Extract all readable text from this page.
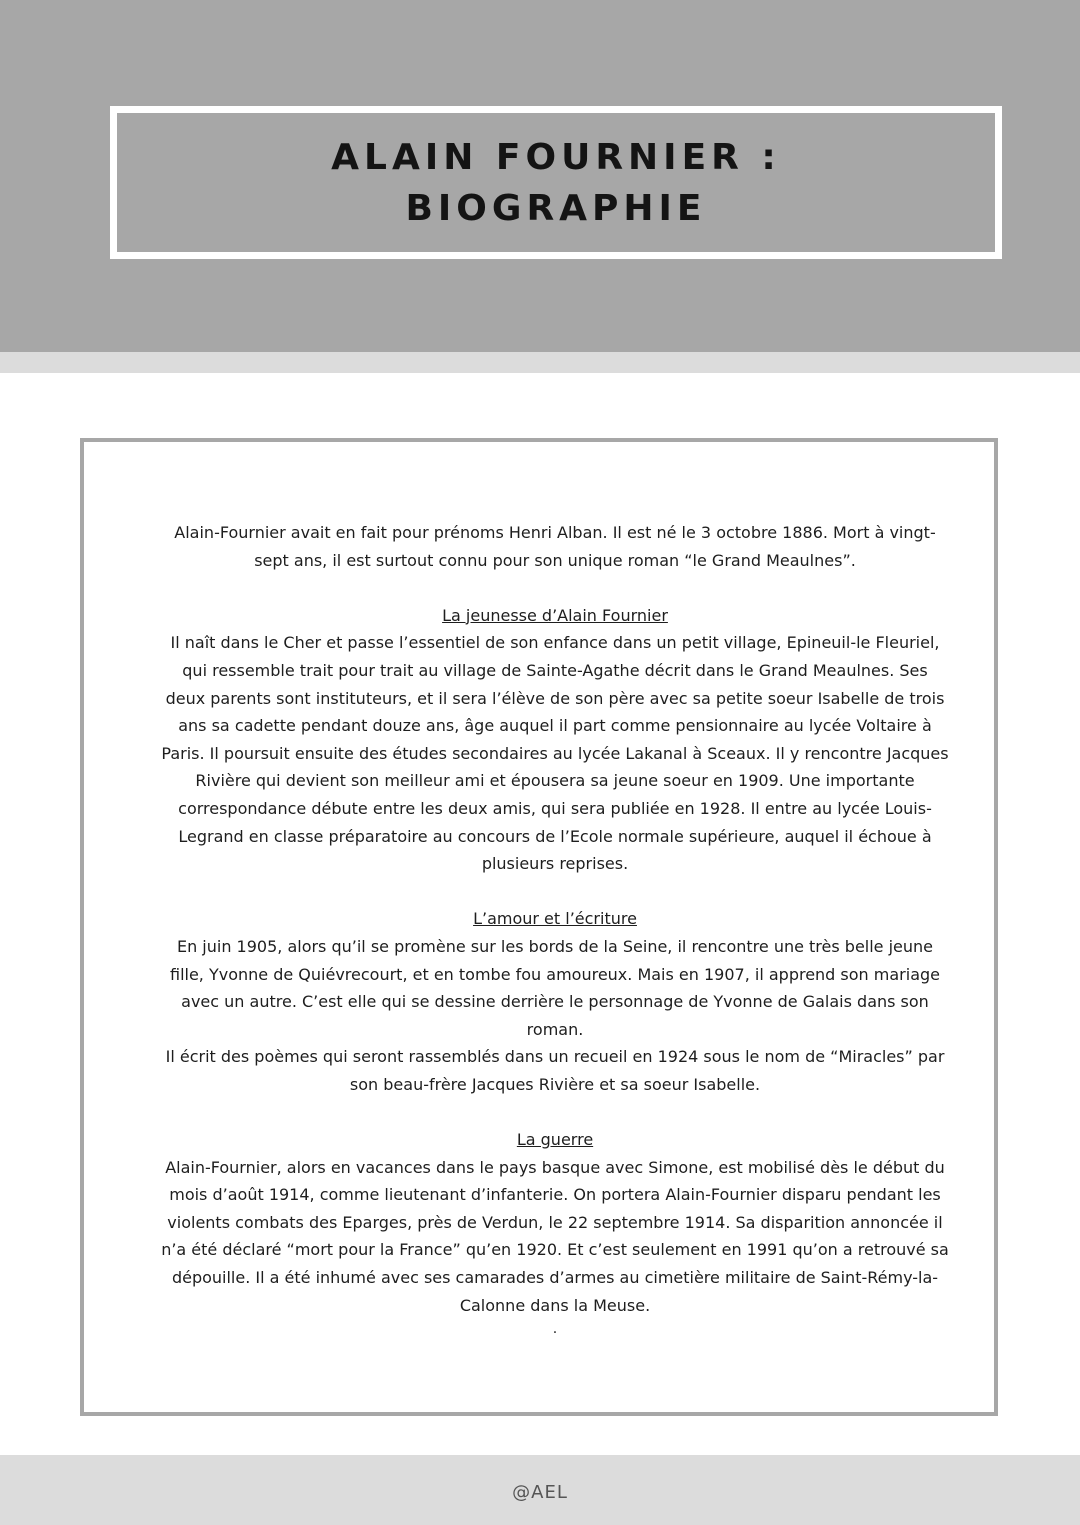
ALAIN FOURNIER :
BIOGRAPHIE

Alain-Fournier avait en fait pour prénoms Henri Alban. Il est né le 3 octobre 1886. Mort à vingt-sept ans, il est surtout connu pour son unique roman “le Grand Meaulnes”.

La jeunesse d’Alain Fournier

Il naît dans le Cher et passe l’essentiel de son enfance dans un petit village, Epineuil-le Fleuriel, qui ressemble trait pour trait au village de Sainte-Agathe décrit dans le Grand Meaulnes. Ses deux parents sont instituteurs, et il sera l’élève de son père avec sa petite soeur Isabelle de trois ans sa cadette pendant douze ans, âge auquel il part comme pensionnaire au lycée Voltaire à Paris. Il poursuit ensuite des études secondaires au lycée Lakanal à Sceaux. Il y rencontre Jacques Rivière qui devient son meilleur ami et épousera sa jeune soeur en 1909. Une importante correspondance débute entre les deux amis, qui sera publiée en 1928. Il entre au lycée Louis-Legrand en classe préparatoire au concours de l’Ecole normale supérieure, auquel il échoue à plusieurs reprises.

L’amour et l’écriture

En juin 1905, alors qu’il se promène sur les bords de la Seine, il rencontre une très belle jeune fille, Yvonne de Quiévrecourt, et en tombe fou amoureux. Mais en 1907, il apprend son mariage avec un autre. C’est elle qui se dessine derrière le personnage de Yvonne de Galais dans son roman.

Il écrit des poèmes qui seront rassemblés dans un recueil en 1924 sous le nom de “Miracles” par son beau-frère Jacques Rivière et sa soeur Isabelle.

La guerre

Alain-Fournier, alors en vacances dans le pays basque avec Simone, est mobilisé dès le début du mois d’août 1914, comme lieutenant d’infanterie. On portera Alain-Fournier disparu pendant les violents combats des Eparges, près de Verdun, le 22 septembre 1914. Sa disparition annoncée il n’a été déclaré “mort pour la France” qu’en 1920. Et c’est seulement en 1991 qu’on a retrouvé sa dépouille. Il a été inhumé avec ses camarades d’armes au cimetière militaire de Saint-Rémy-la-Calonne dans la Meuse.

.

@AEL
